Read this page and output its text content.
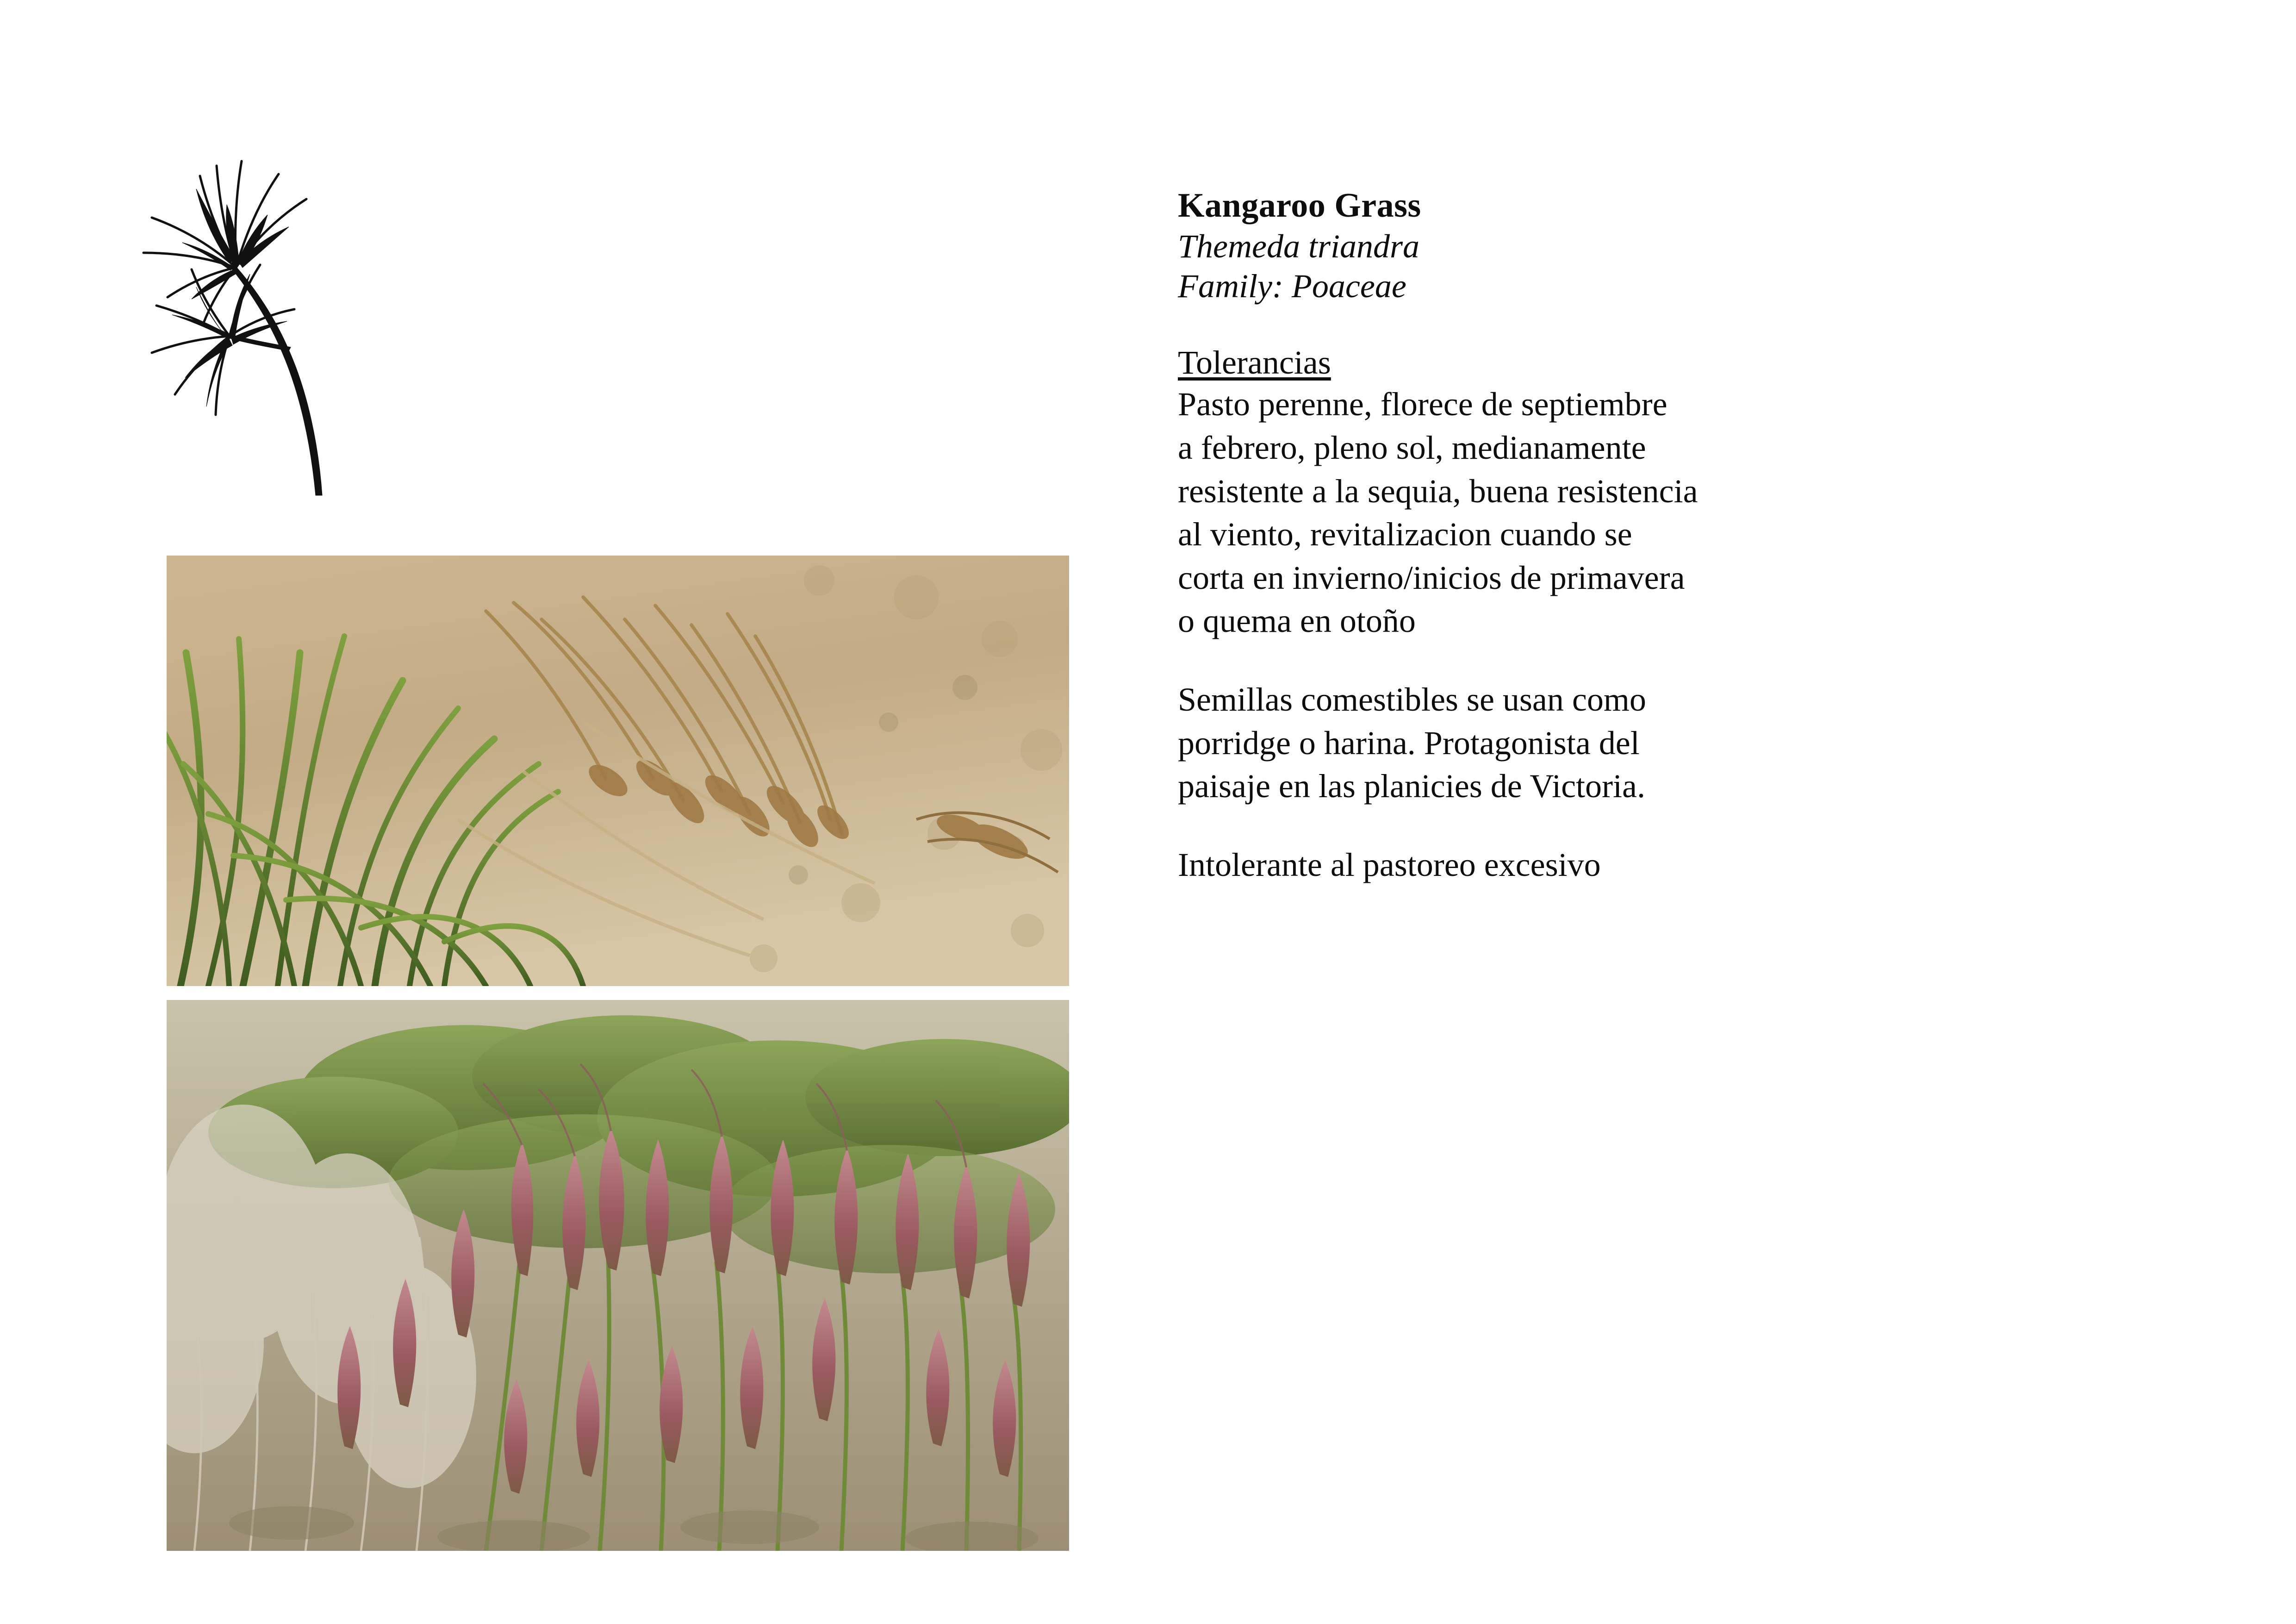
Kangaroo Grass
Themeda triandra
Family: Poaceae
Tolerancias
Pasto perenne, florece de septiembre
a febrero, pleno sol, medianamente
resistente a la sequia, buena resistencia
al viento, revitalizacion cuando se
corta en invierno/inicios de primavera
o quema en otoño
Semillas comestibles se usan como
porridge o harina. Protagonista del
paisaje en las planicies de Victoria.
Intolerante al pastoreo excesivo
